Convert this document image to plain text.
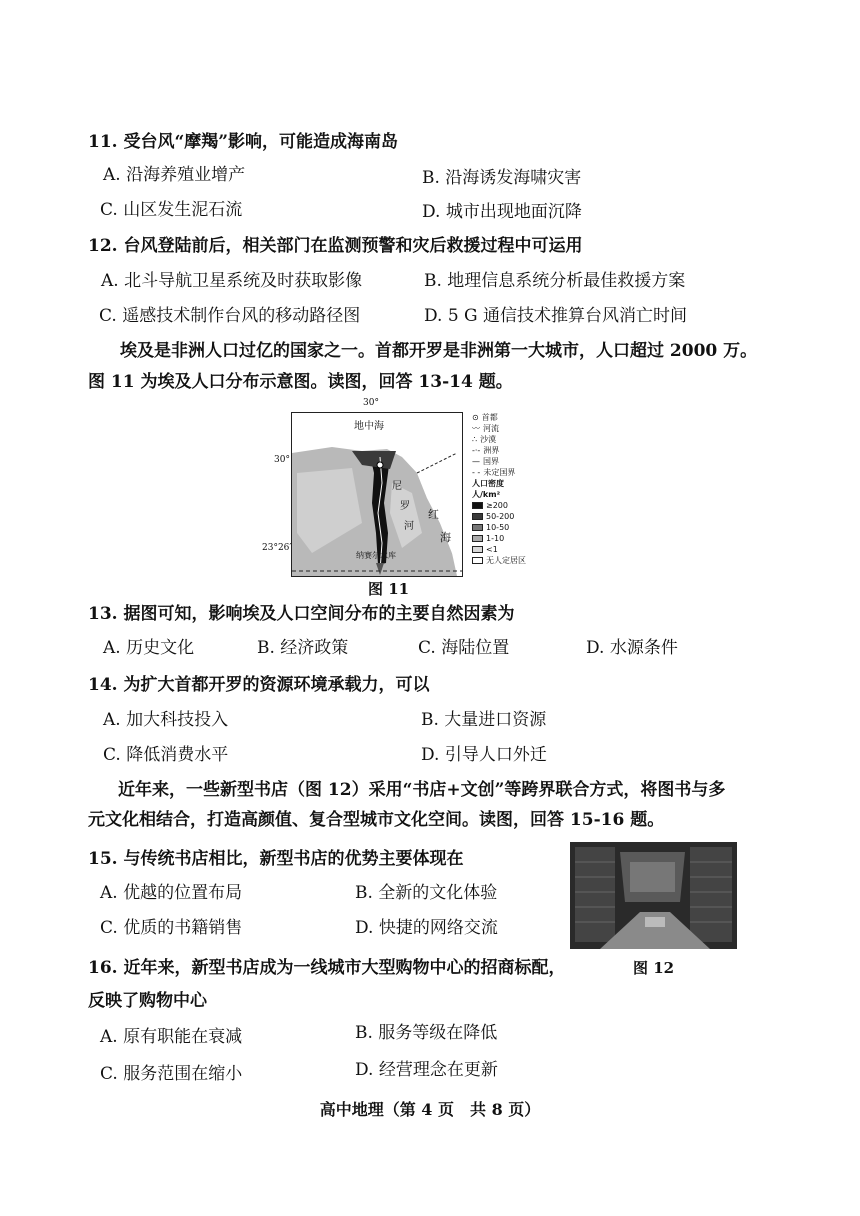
11. 受台风“摩羯”影响，可能造成海南岛
A. 沿海养殖业增产	B. 沿海诱发海啸灾害
C. 山区发生泥石流	D. 城市出现地面沉降
12. 台风登陆前后，相关部门在监测预警和灾后救援过程中可运用
A. 北斗导航卫星系统及时获取影像	B. 地理信息系统分析最佳救援方案
C. 遥感技术制作台风的移动路径图	D. 5 G 通信技术推算台风消亡时间
埃及是非洲人口过亿的国家之一。首都开罗是非洲第一大城市，人口超过 2000 万。
图 11 为埃及人口分布示意图。读图，回答 13-14 题。
30°
30°
23°26′
地中海
尼
罗
河
红
海
纳赛尔水库
⊙ 首都
〰 河流
∴ 沙漠
-·- 洲界
— 国界
- - 未定国界
人口密度
人/km²
≥200
50-200
10-50
1-10
<1
无人定居区
图 11
13. 据图可知，影响埃及人口空间分布的主要自然因素为
A. 历史文化	B. 经济政策	C. 海陆位置	D. 水源条件
14. 为扩大首都开罗的资源环境承载力，可以
A. 加大科技投入	B. 大量进口资源
C. 降低消费水平	D. 引导人口外迁
近年来，一些新型书店（图 12）采用“书店+文创”等跨界联合方式，将图书与多
元文化相结合，打造高颜值、复合型城市文化空间。读图，回答 15-16 题。
15. 与传统书店相比，新型书店的优势主要体现在
A. 优越的位置布局	B. 全新的文化体验
C. 优质的书籍销售	D. 快捷的网络交流
图 12
16. 近年来，新型书店成为一线城市大型购物中心的招商标配，
反映了购物中心
A. 原有职能在衰减	B. 服务等级在降低
C. 服务范围在缩小	D. 经营理念在更新
高中地理（第 4 页　共 8 页）
